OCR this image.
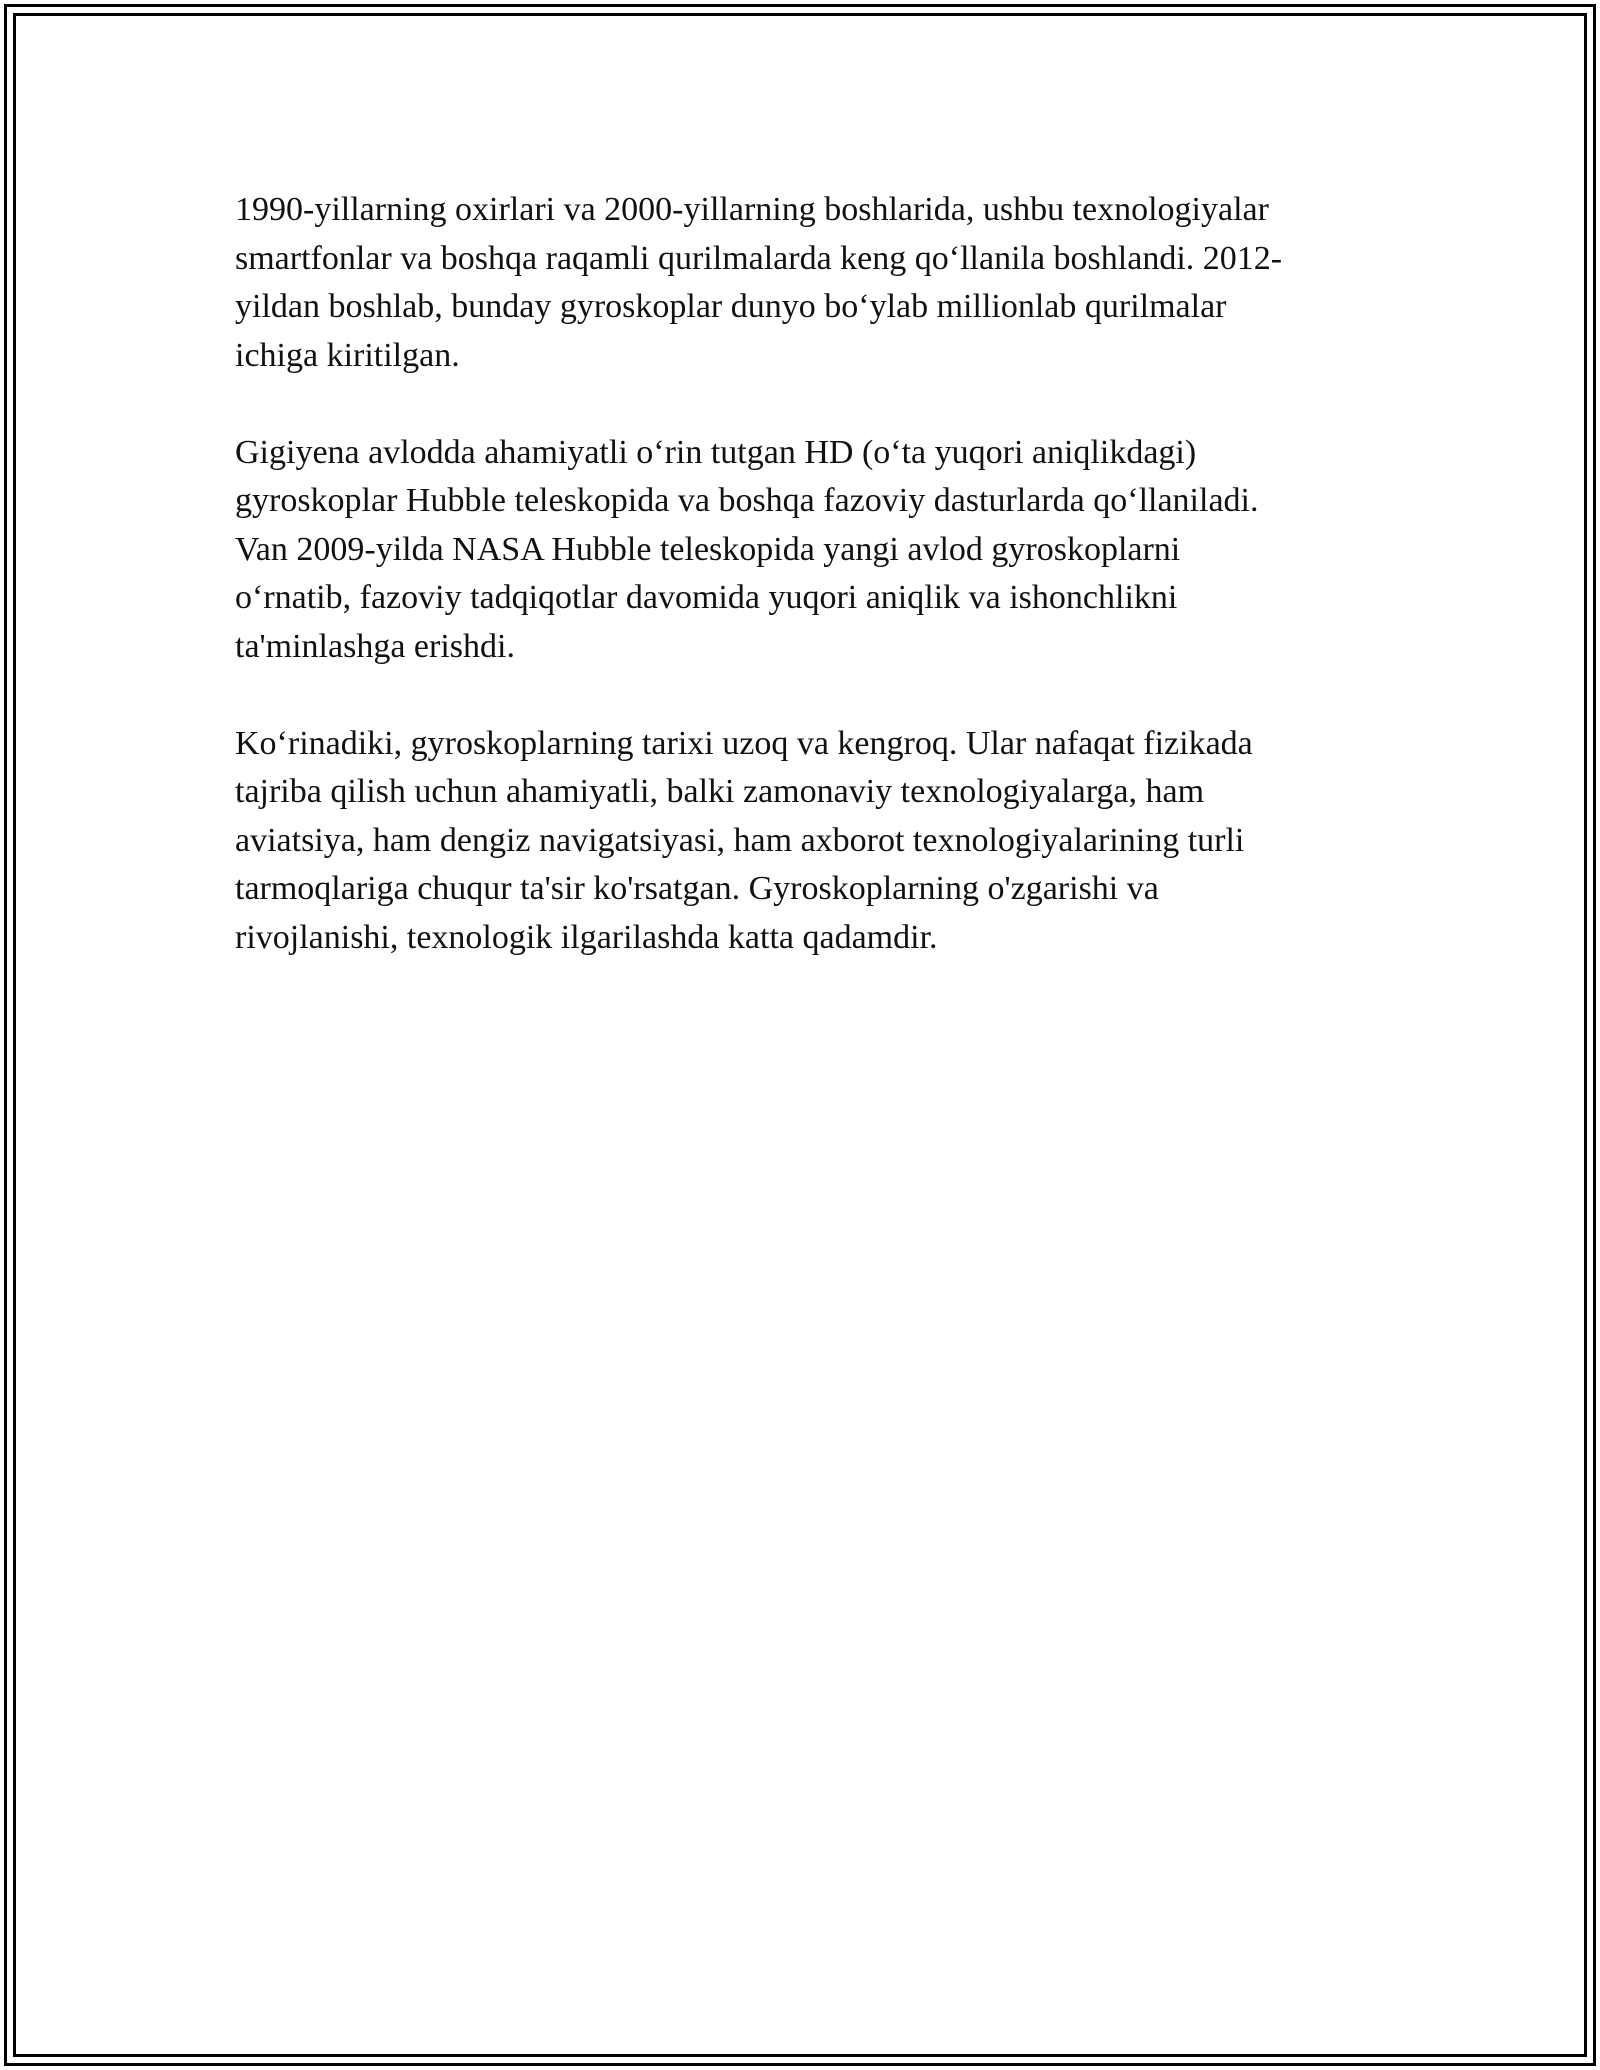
1990-yillarning oxirlari va 2000-yillarning boshlarida, ushbu texnologiyalar
smartfonlar va boshqa raqamli qurilmalarda keng qo‘llanila boshlandi. 2012-
yildan boshlab, bunday gyroskoplar dunyo bo‘ylab millionlab qurilmalar
ichiga kiritilgan.

Gigiyena avlodda ahamiyatli o‘rin tutgan HD (o‘ta yuqori aniqlikdagi)
gyroskoplar Hubble teleskopida va boshqa fazoviy dasturlarda qo‘llaniladi.
Van 2009-yilda NASA Hubble teleskopida yangi avlod gyroskoplarni
o‘rnatib, fazoviy tadqiqotlar davomida yuqori aniqlik va ishonchlikni
ta'minlashga erishdi.

Ko‘rinadiki, gyroskoplarning tarixi uzoq va kengroq. Ular nafaqat fizikada
tajriba qilish uchun ahamiyatli, balki zamonaviy texnologiyalarga, ham
aviatsiya, ham dengiz navigatsiyasi, ham axborot texnologiyalarining turli
tarmoqlariga chuqur ta'sir ko'rsatgan. Gyroskoplarning o'zgarishi va
rivojlanishi, texnologik ilgarilashda katta qadamdir.
